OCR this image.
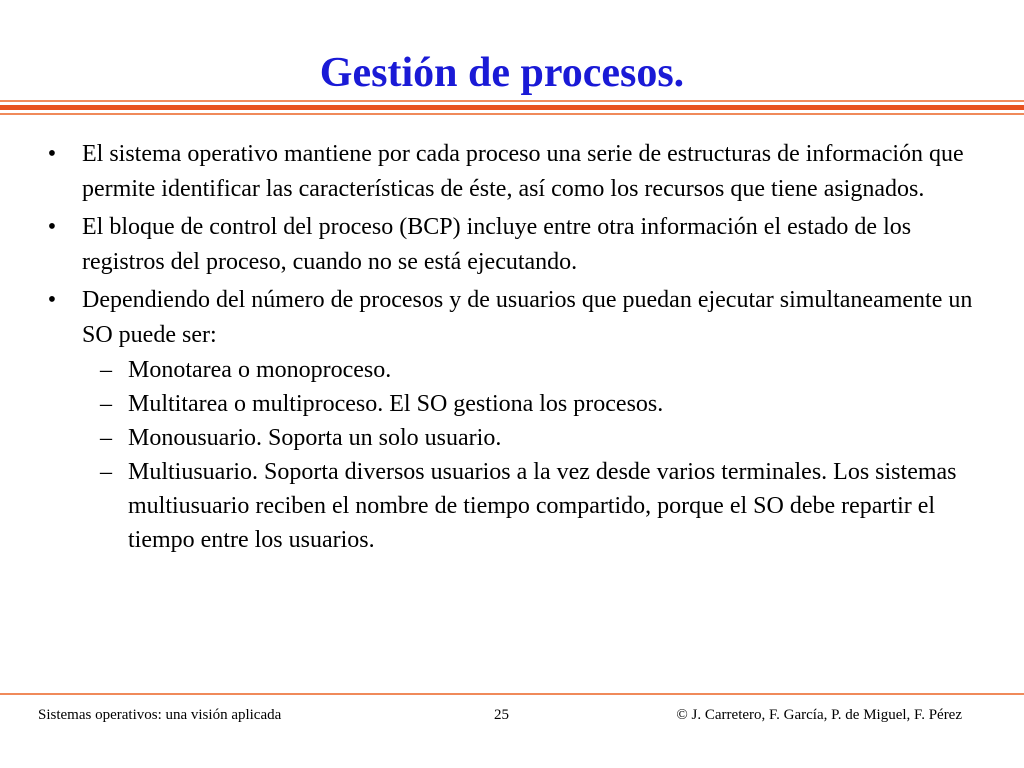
Gestión de procesos.
• El sistema operativo mantiene por cada proceso una serie de estructuras de información que permite identificar las características de éste, así como los recursos que tiene asignados.
• El bloque de control del proceso (BCP) incluye entre otra información el estado de los registros del proceso, cuando no se está ejecutando.
• Dependiendo del número de procesos y de usuarios que puedan ejecutar simultaneamente un SO puede ser:
– Monotarea o monoproceso.
– Multitarea o multiproceso. El SO gestiona los procesos.
– Monousuario. Soporta un solo usuario.
– Multiusuario. Soporta diversos usuarios a la vez desde varios terminales. Los sistemas multiusuario reciben el nombre de tiempo compartido, porque el SO debe repartir el tiempo entre los usuarios.
Sistemas operativos: una visión aplicada	25	© J. Carretero, F. García, P. de Miguel, F. Pérez
